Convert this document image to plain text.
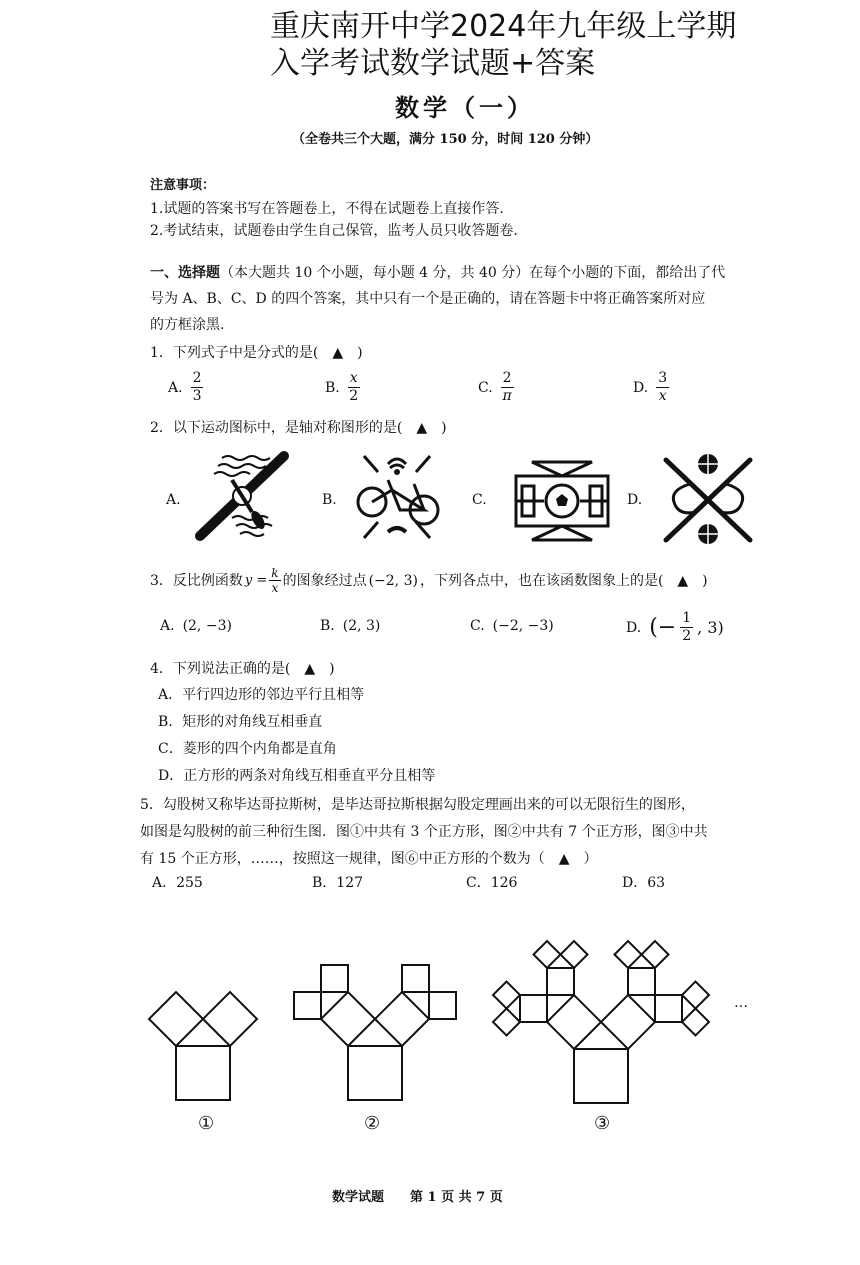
重庆南开中学2024年九年级上学期
入学考试数学试题+答案
数学（一）
（全卷共三个大题，满分 150 分，时间 120 分钟）
注意事项：
1.试题的答案书写在答题卷上，不得在试题卷上直接作答.
2.考试结束，试题卷由学生自己保管，监考人员只收答题卷.
一、选择题（本大题共 10 个小题，每小题 4 分，共 40 分）在每个小题的下面，都给出了代
号为 A、B、C、D 的四个答案，其中只有一个是正确的，请在答题卡中将正确答案所对应
的方框涂黑.
1．下列式子中是分式的是(　▲　)
A. $\frac{2}{3}$	B. $\frac{x}{2}$	C. $\frac{2}{\pi}$	D. $\frac{3}{x}$
2．以下运动图标中，是轴对称图形的是(　▲　)
A.	B.	C.	D.
3．反比例函数 $y = \frac{k}{x}$ 的图象经过点 (−2, 3) ，下列各点中，也在该函数图象上的是(　▲　)
A. (2, −3)	B. (2, 3)	C. (−2, −3)	D. (− $\frac{1}{2}$ , 3)
4．下列说法正确的是(　▲　)
A．平行四边形的邻边平行且相等
B．矩形的对角线互相垂直
C．菱形的四个内角都是直角
D．正方形的两条对角线互相垂直平分且相等
5．勾股树又称毕达哥拉斯树，是毕达哥拉斯根据勾股定理画出来的可以无限衍生的图形，
如图是勾股树的前三种衍生图．图①中共有 3 个正方形，图②中共有 7 个正方形，图③中共
有 15 个正方形，……，按照这一规律，图⑥中正方形的个数为（　▲　）
A．255	B．127	C．126	D．63
①	②	③
…
数学试题　　第 1 页 共 7 页
